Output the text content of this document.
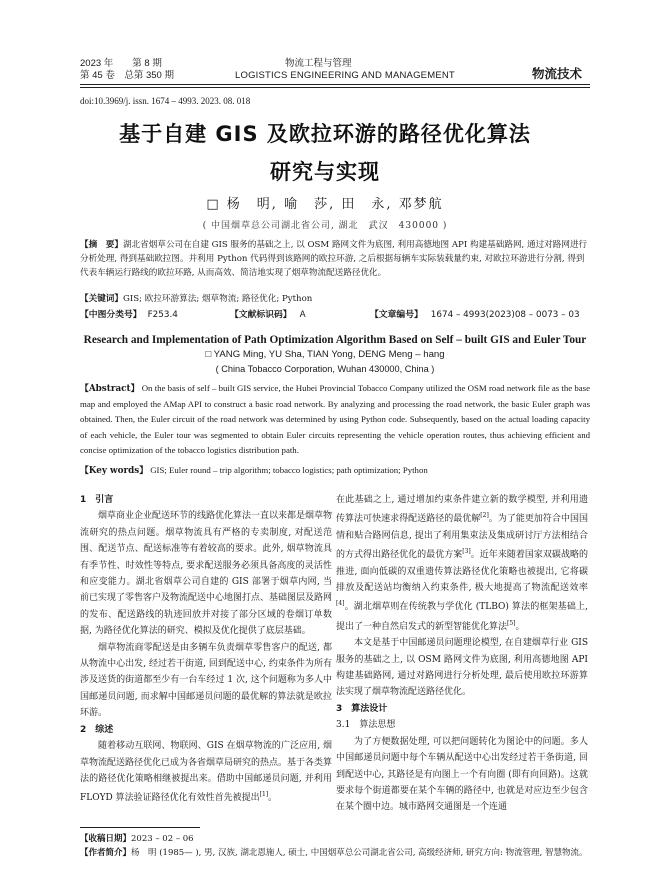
2023 年　　第 8 期
第 45 卷　总第 350 期
物流工程与管理
LOGISTICS ENGINEERING AND MANAGEMENT	物流技术
doi:10.3969/j. issn. 1674 – 4993. 2023. 08. 018
基于自建 GIS 及欧拉环游的路径优化算法
研究与实现
□ 杨　明, 喻　莎, 田　永, 邓梦航
( 中国烟草总公司湖北省公司, 湖北　武汉　430000 )
【摘　要】湖北省烟草公司在自建 GIS 服务的基础之上, 以 OSM 路网文件为底图, 利用高德地图 API 构建基础路网, 通过对路网进行分析处理, 得到基础欧拉图。并利用 Python 代码得到该路网的欧拉环游, 之后根据每辆车实际装载量约束, 对欧拉环游进行分割, 得到代表车辆运行路线的欧拉环路, 从而高效、简洁地实现了烟草物流配送路径优化。
【关键词】GIS; 欧拉环游算法; 烟草物流; 路径优化; Python
【中图分类号】 F253.4	【文献标识码】 A	【文章编号】 1674 – 4993(2023)08 – 0073 – 03
Research and Implementation of Path Optimization Algorithm Based on Self – built GIS and Euler Tour
□ YANG Ming, YU Sha, TIAN Yong, DENG Meng – hang
( China Tobacco Corporation, Wuhan 430000, China )
【Abstract】 On the basis of self – built GIS service, the Hubei Provincial Tobacco Company utilized the OSM road network file as the base map and employed the AMap API to construct a basic road network. By analyzing and processing the road network, the basic Euler graph was obtained. Then, the Euler circuit of the road network was determined by using Python code. Subsequently, based on the actual loading capacity of each vehicle, the Euler tour was segmented to obtain Euler circuits representing the vehicle operation routes, thus achieving efficient and concise optimization of the tobacco logistics distribution path.
【Key words】 GIS; Euler round – trip algorithm; tobacco logistics; path optimization; Python

1　引言

烟草商业企业配送环节的线路优化算法一直以来都是烟草物流研究的热点问题。烟草物流具有严格的专卖制度, 对配送范围、配送节点、配送标准等有着较高的要求。此外, 烟草物流具有季节性、时效性等特点, 要求配送服务必须具备高度的灵活性和应变能力。湖北省烟草公司自建的 GIS 部署于烟草内网, 当前已实现了零售客户及物流配送中心地图打点、基础图层及路网的发布、配送路线的轨迹回放并对接了部分区域的卷烟订单数据, 为路径优化算法的研究、模拟及优化提供了底层基础。

烟草物流商零配送是由多辆车负责烟草零售客户的配送, 都从物流中心出发, 经过若干街道, 回到配送中心, 约束条件为所有涉及送货的街道都至少有一台车经过 1 次, 这个问题称为多人中国邮递员问题, 而求解中国邮递员问题的最优解的算法就是欧拉环游。

2　综述

随着移动互联网、物联网、GIS 在烟草物流的广泛应用, 烟草物流配送路径优化已成为各省烟草局研究的热点。基于各类算法的路径优化策略相继被提出来。借助中国邮递员问题, 并利用 FLOYD 算法验证路径优化有效性首先被提出[1]。

在此基础之上, 通过增加约束条件建立新的数学模型, 并利用遗传算法可快速求得配送路径的最优解[2]。为了能更加符合中国国情和贴合路网信息, 提出了利用集束法及集成研讨厅方法相结合的方式得出路径优化的最优方案[3]。近年来随着国家双碳战略的推进, 面向低碳的双重遗传算法路径优化策略也被提出, 它将碳排放及配送站均衡纳入约束条件, 极大地提高了物流配送效率[4]。湖北烟草则在传统教与学优化 (TLBO) 算法的框架基础上, 提出了一种自然启发式的新型智能优化算法[5]。

本文是基于中国邮递员问题理论模型, 在自建烟草行业 GIS 服务的基础之上, 以 OSM 路网文件为底图, 利用高德地图 API 构建基础路网, 通过对路网进行分析处理, 最后使用欧拉环游算法实现了烟草物流配送路径优化。

3　算法设计

3.1　算法思想

为了方便数据处理, 可以把问题转化为图论中的问题。多人中国邮递员问题中每个车辆从配送中心出发经过若干条街道, 回到配送中心, 其路径是有向图上一个有向圈 (即有向回路)。这就要求每个街道都要在某个车辆的路径中, 也就是对应边至少包含在某个圈中边。城市路网交通图是一个连通

【收稿日期】2023 – 02 – 06
【作者简介】杨　明 (1985— ), 男, 汉族, 湖北恩施人, 硕士, 中国烟草总公司湖北省公司, 高级经济师, 研究方向: 物流管理, 智慧物流。
